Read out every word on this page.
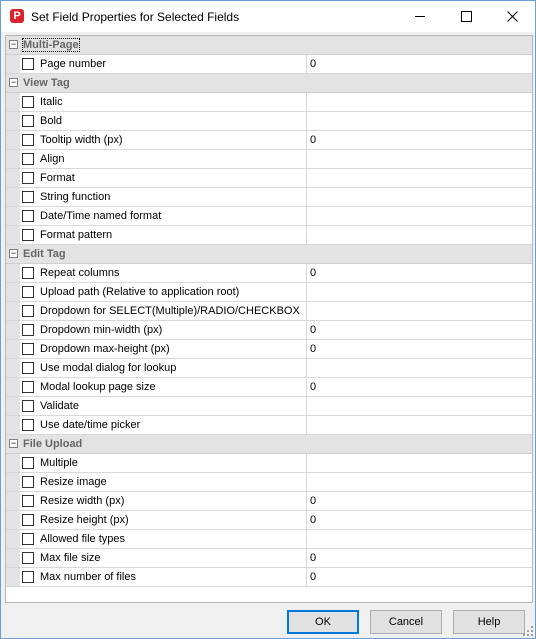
P Set Field Properties for Selected Fields
− Multi-Page
Page number	0
− View Tag
Italic
Bold
Tooltip width (px)	0
Align
Format
String function
Date/Time named format
Format pattern
− Edit Tag
Repeat columns	0
Upload path (Relative to application root)
Dropdown for SELECT(Multiple)/RADIO/CHECKBOX
Dropdown min-width (px)	0
Dropdown max-height (px)	0
Use modal dialog for lookup
Modal lookup page size	0
Validate
Use date/time picker
− File Upload
Multiple
Resize image
Resize width (px)	0
Resize height (px)	0
Allowed file types
Max file size	0
Max number of files	0
OK	Cancel	Help
